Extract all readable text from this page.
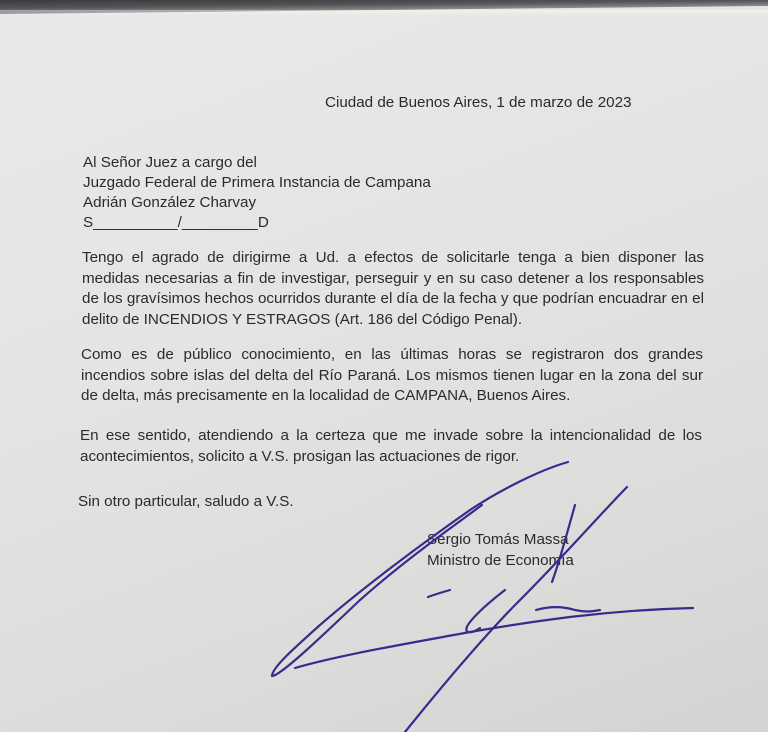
Ciudad de Buenos Aires, 1 de marzo de 2023
Al Señor Juez a cargo del
Juzgado Federal de Primera Instancia de Campana
Adrián González Charvay
S__________/_________D
Tengo el agrado de dirigirme a Ud. a efectos de solicitarle tenga a bien disponer las medidas necesarias a fin de investigar, perseguir y en su caso detener a los responsables de los gravísimos hechos ocurridos durante el día de la fecha y que podrían encuadrar en el delito de INCENDIOS Y ESTRAGOS (Art. 186 del Código Penal).
Como es de público conocimiento, en las últimas horas se registraron dos grandes incendios sobre islas del delta del Río Paraná. Los mismos tienen lugar en la zona del sur de delta, más precisamente en la localidad de CAMPANA, Buenos Aires.
En ese sentido, atendiendo a la certeza que me invade sobre la intencionalidad de los acontecimientos, solicito a V.S. prosigan las actuaciones de rigor.
Sin otro particular, saludo a V.S.
Sergio Tomás Massa
Ministro de Economía
